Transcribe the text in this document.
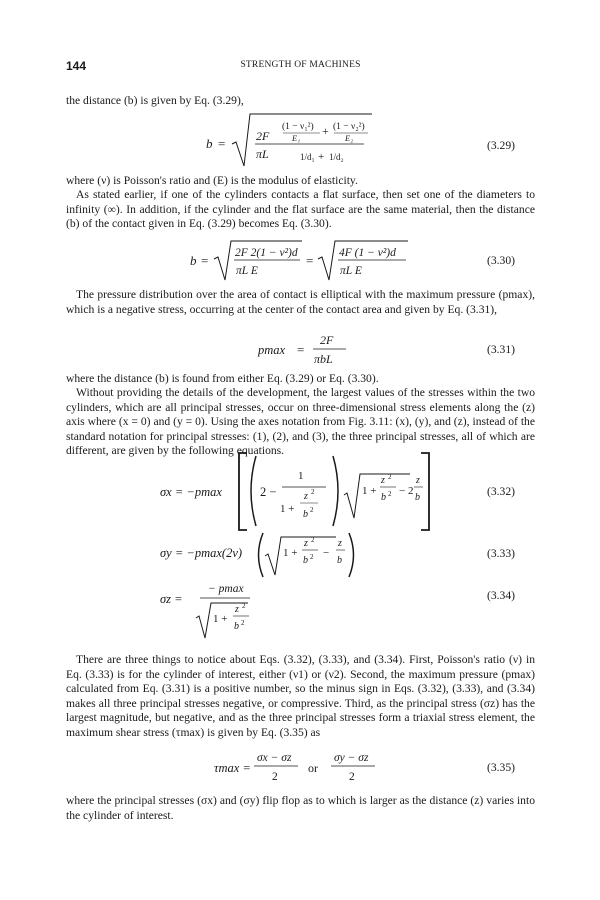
144	STRENGTH OF MACHINES

the distance (b) is given by Eq. (3.29),

b =	2F
πL
(1 − ν₁²)
E₁ + (1 − ν₂²)
E₂
1/d₁ + 1/d₂
(3.29)

where (ν) is Poisson's ratio and (E) is the modulus of elasticity.

As stated earlier, if one of the cylinders contacts a flat surface, then set one of the diameters to infinity (∞). In addition, if the cylinder and the flat surface are the same material, then the distance (b) of the contact given in Eq. (3.29) becomes Eq. (3.30).

b = 2F 2(1 − ν²)d
πL E
= 4F (1 − ν²)d
πL E
(3.30)

The pressure distribution over the area of contact is elliptical with the maximum pressure (pmax), which is a negative stress, occurring at the center of the contact area and given by Eq. (3.31),

pmax =
2F
πbL
(3.31)

where the distance (b) is found from either Eq. (3.29) or Eq. (3.30).

Without providing the details of the development, the largest values of the stresses within the two cylinders, which are all principal stresses, occur on three-dimensional stress elements along the (z) axis where (x = 0) and (y = 0). Using the axes notation from Fig. 3.11: (x), (y), and (z), instead of the standard notation for principal stresses: (1), (2), and (3), the three principal stresses, all of which are different, are given by the following equations.

σx = −pmax	2 −
1
z 2
1 + b 2
1 +
z 2
b 2 − 2
z
b	(3.32)
σy = −pmax(2ν)	1 +
z 2
b 2 −
z
b
(3.33)
σz =
− pmax
1 +
z 2
b 2
(3.34)

There are three things to notice about Eqs. (3.32), (3.33), and (3.34). First, Poisson's ratio (ν) in Eq. (3.33) is for the cylinder of interest, either (ν1) or (ν2). Second, the maximum pressure (pmax) calculated from Eq. (3.31) is a positive number, so the minus sign in Eqs. (3.32), (3.33), and (3.34) makes all three principal stresses negative, or compressive. Third, as the principal stress (σz) has the largest magnitude, but negative, and as the three principal stresses form a triaxial stress element, the maximum shear stress (τmax) is given by Eq. (3.35) as

τmax =
σx − σz
2
or
σy − σz
2
(3.35)

where the principal stresses (σx) and (σy) flip flop as to which is larger as the distance (z) varies into the cylinder of interest.
